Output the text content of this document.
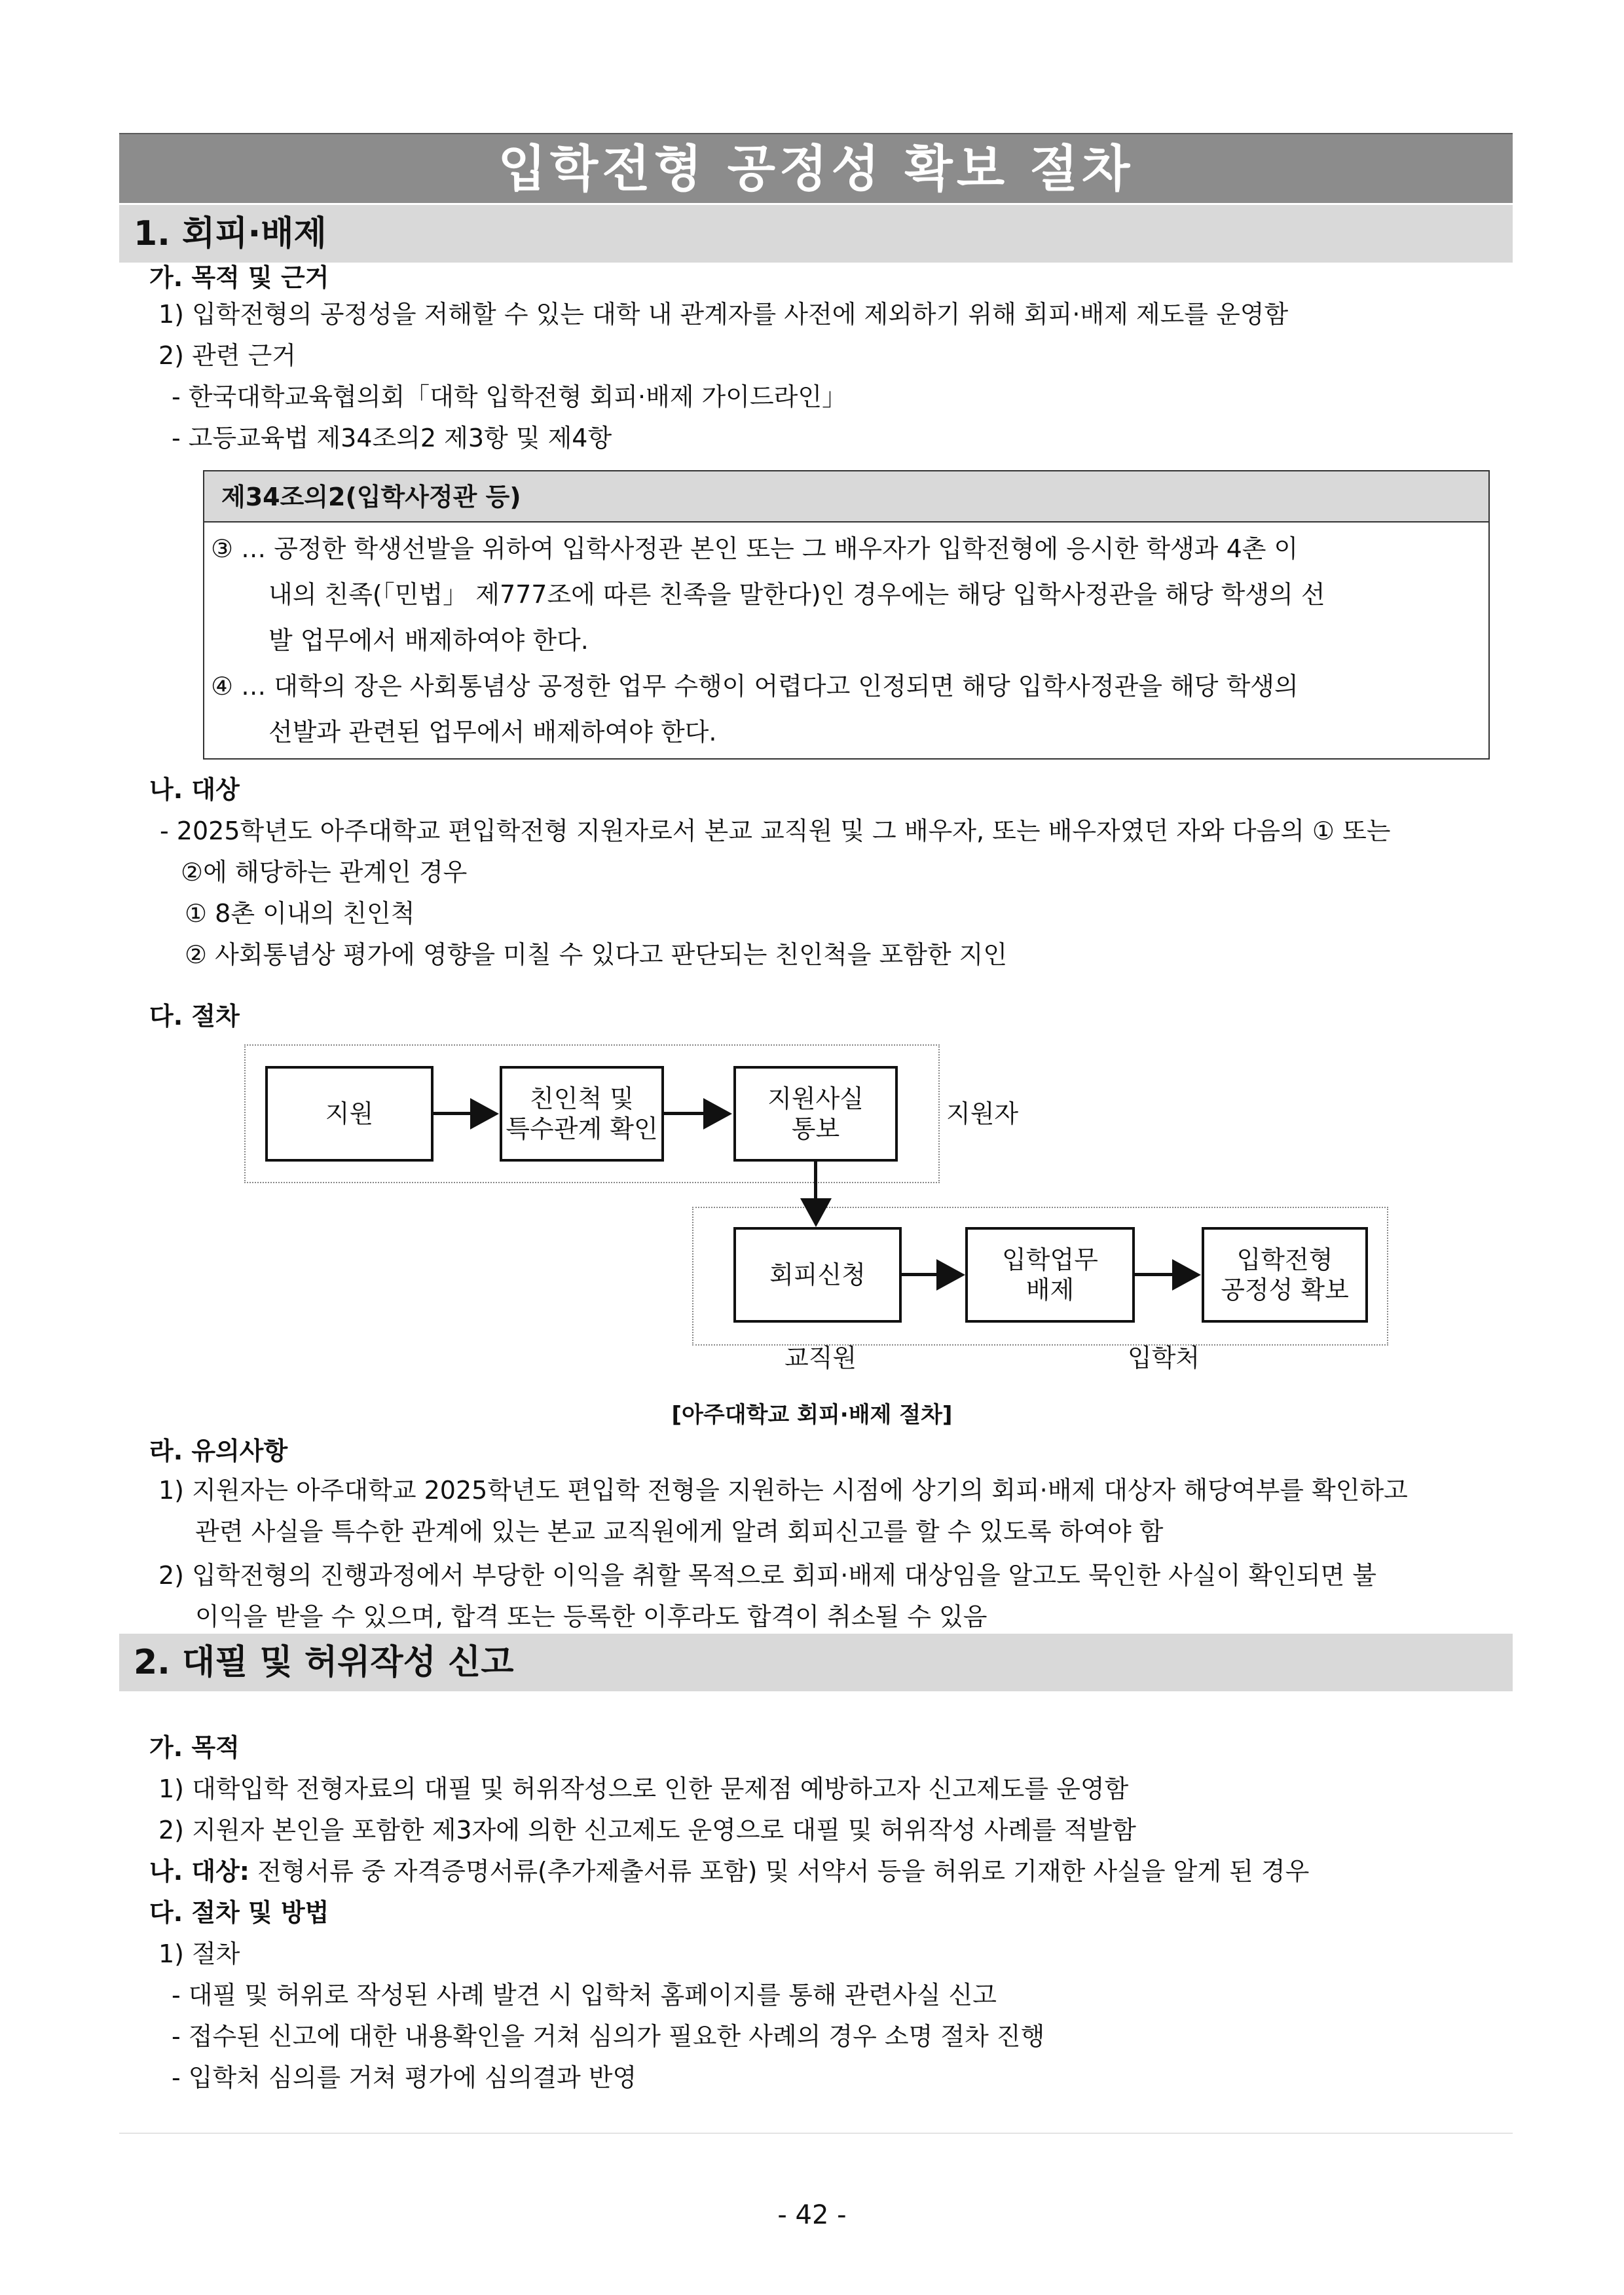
입학전형 공정성 확보 절차
1. 회피·배제
가. 목적 및 근거
1) 입학전형의 공정성을 저해할 수 있는 대학 내 관계자를 사전에 제외하기 위해 회피·배제 제도를 운영함
2) 관련 근거
- 한국대학교육협의회「대학 입학전형 회피·배제 가이드라인」
- 고등교육법 제34조의2 제3항 및 제4항
제34조의2(입학사정관 등)
③ … 공정한 학생선발을 위하여 입학사정관 본인 또는 그 배우자가 입학전형에 응시한 학생과 4촌 이
내의 친족(「민법」 제777조에 따른 친족을 말한다)인 경우에는 해당 입학사정관을 해당 학생의 선
발 업무에서 배제하여야 한다.
④ … 대학의 장은 사회통념상 공정한 업무 수행이 어렵다고 인정되면 해당 입학사정관을 해당 학생의
선발과 관련된 업무에서 배제하여야 한다.
나. 대상
- 2025학년도 아주대학교 편입학전형 지원자로서 본교 교직원 및 그 배우자, 또는 배우자였던 자와 다음의 ① 또는
②에 해당하는 관계인 경우
① 8촌 이내의 친인척
② 사회통념상 평가에 영향을 미칠 수 있다고 판단되는 친인척을 포함한 지인
다. 절차
지원
친인척 및
특수관계 확인
지원사실
통보
지원자
회피신청
입학업무
배제
입학전형
공정성 확보
교직원	입학처
[아주대학교 회피·배제 절차]
라. 유의사항
1) 지원자는 아주대학교 2025학년도 편입학 전형을 지원하는 시점에 상기의 회피·배제 대상자 해당여부를 확인하고
관련 사실을 특수한 관계에 있는 본교 교직원에게 알려 회피신고를 할 수 있도록 하여야 함
2) 입학전형의 진행과정에서 부당한 이익을 취할 목적으로 회피·배제 대상임을 알고도 묵인한 사실이 확인되면 불
이익을 받을 수 있으며, 합격 또는 등록한 이후라도 합격이 취소될 수 있음
2. 대필 및 허위작성 신고
가. 목적
1) 대학입학 전형자료의 대필 및 허위작성으로 인한 문제점 예방하고자 신고제도를 운영함
2) 지원자 본인을 포함한 제3자에 의한 신고제도 운영으로 대필 및 허위작성 사례를 적발함
나. 대상: 전형서류 중 자격증명서류(추가제출서류 포함) 및 서약서 등을 허위로 기재한 사실을 알게 된 경우
다. 절차 및 방법
1) 절차
- 대필 및 허위로 작성된 사례 발견 시 입학처 홈페이지를 통해 관련사실 신고
- 접수된 신고에 대한 내용확인을 거쳐 심의가 필요한 사례의 경우 소명 절차 진행
- 입학처 심의를 거쳐 평가에 심의결과 반영
- 42 -
